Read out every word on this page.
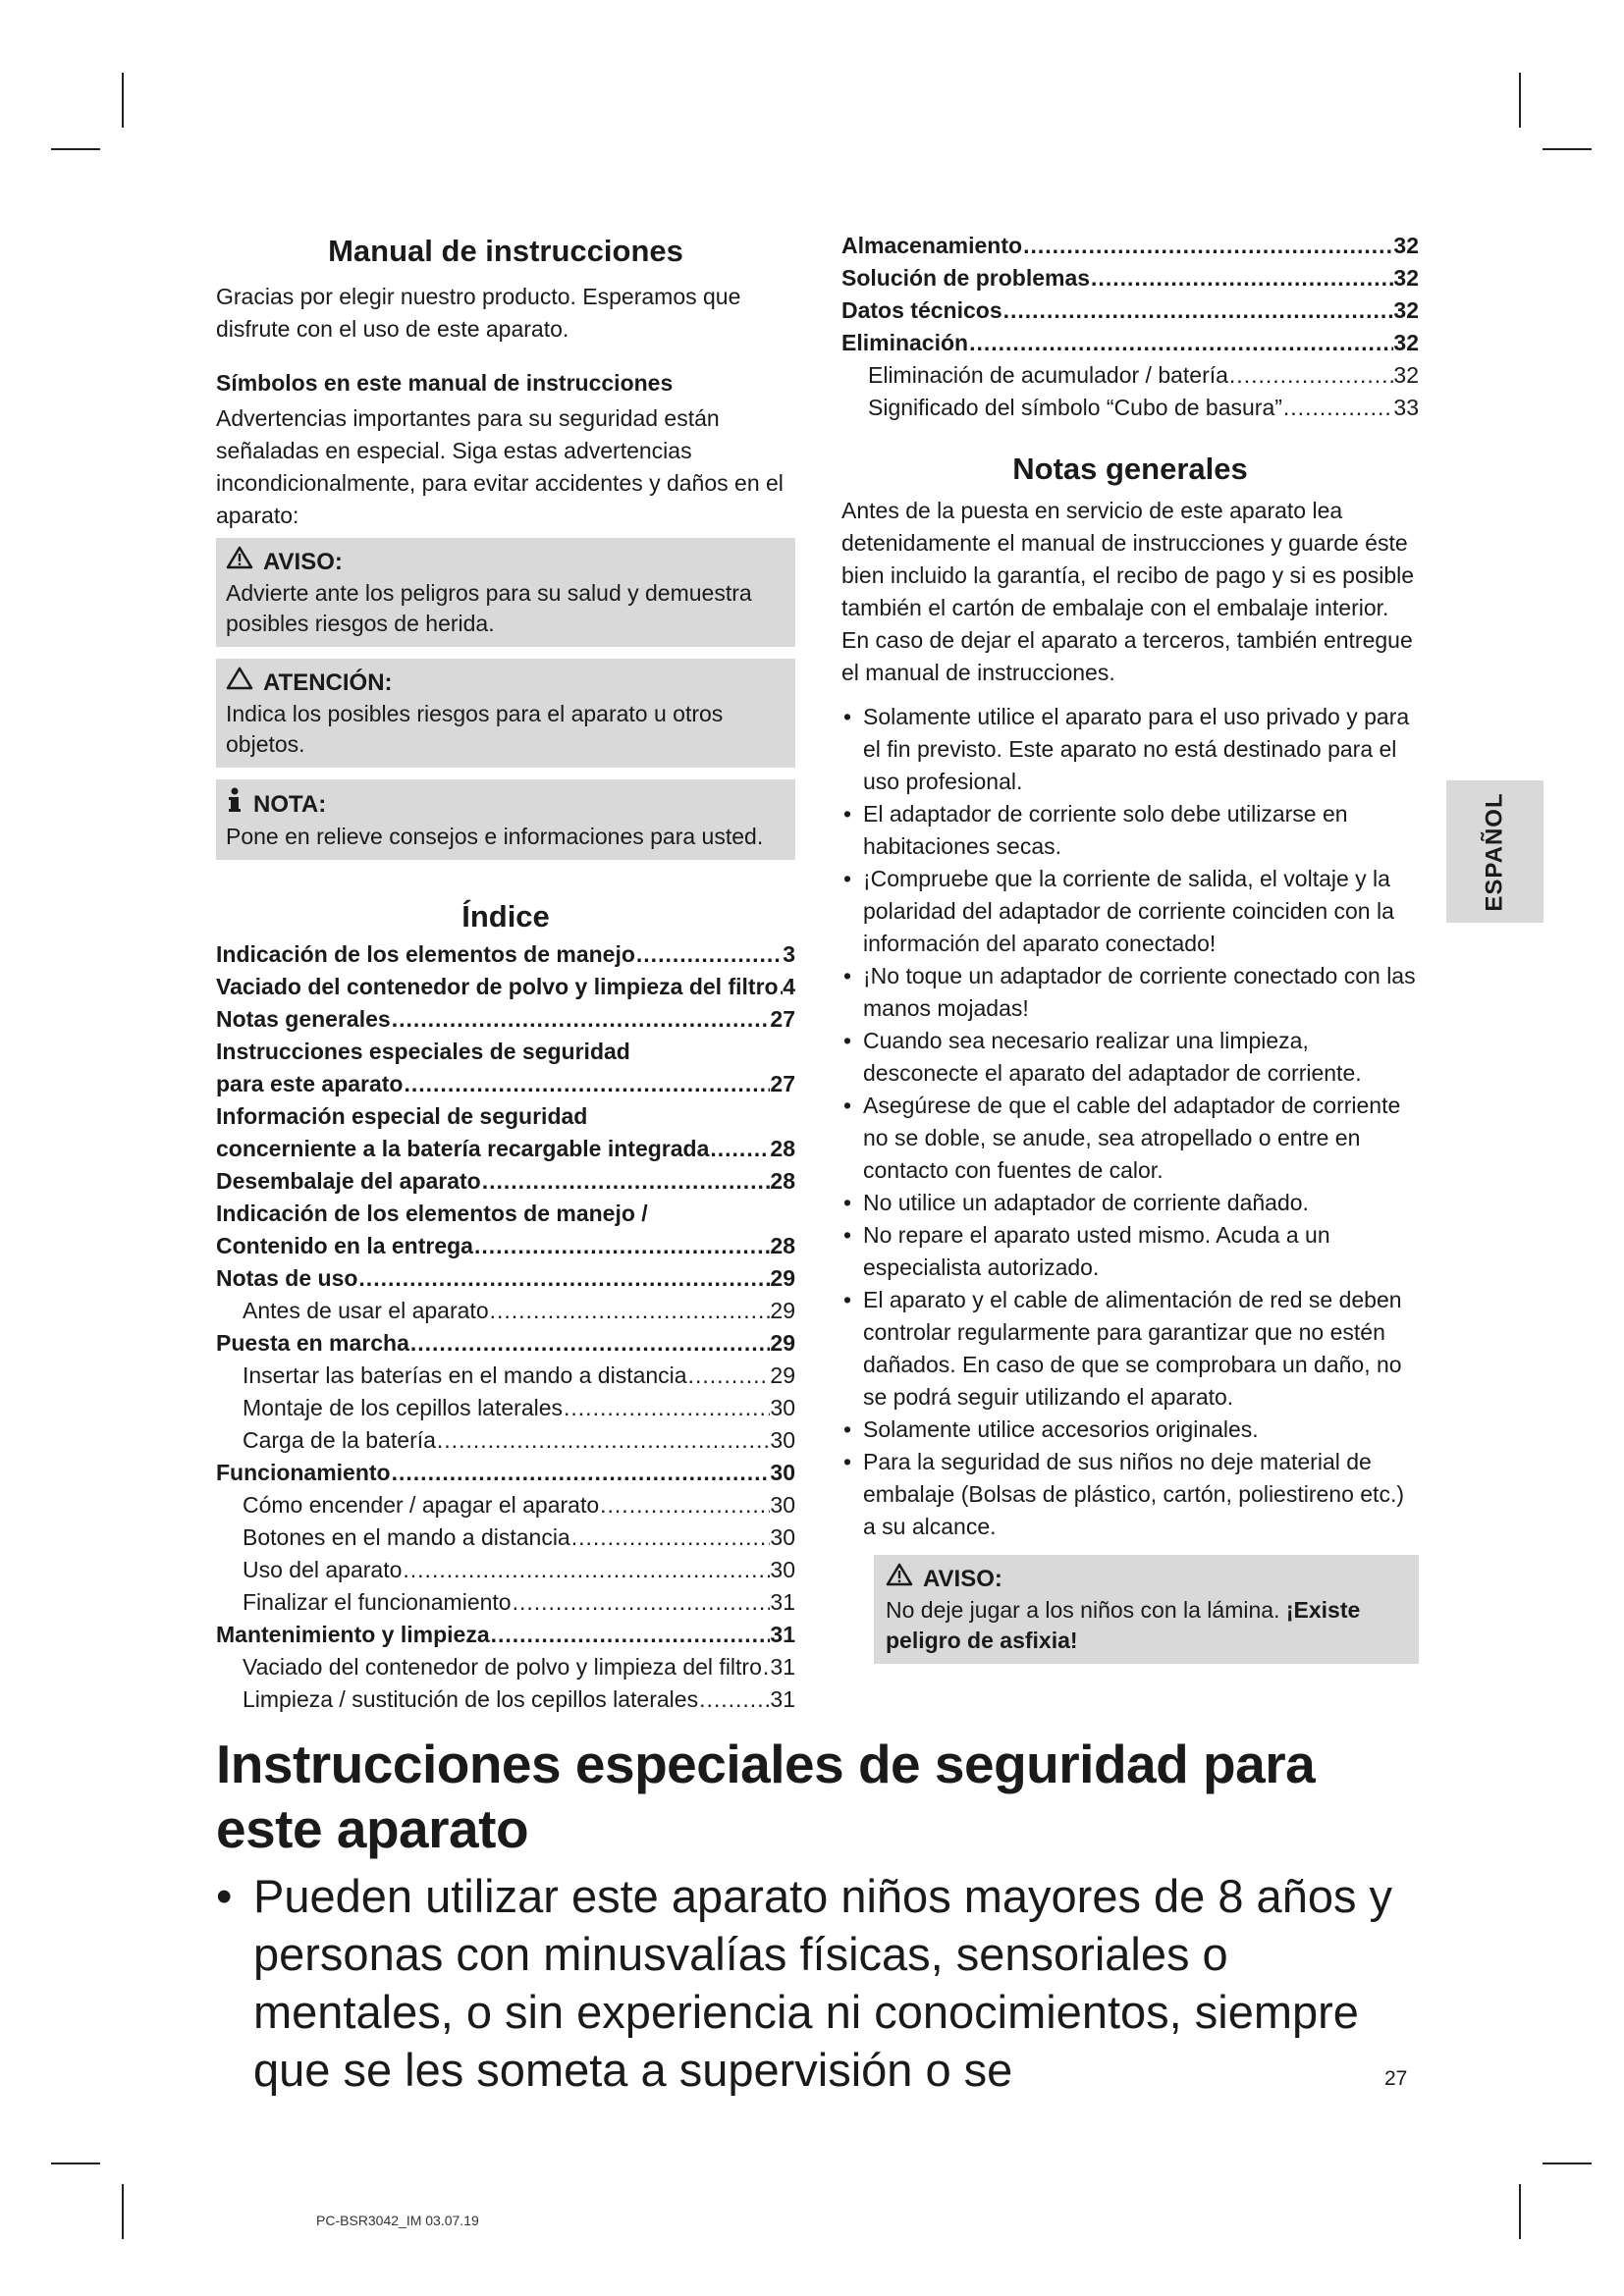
Manual de instrucciones

Gracias por elegir nuestro producto. Esperamos que disfrute con el uso de este aparato.

Símbolos en este manual de instrucciones

Advertencias importantes para su seguridad están señaladas en especial. Siga estas advertencias incondicionalmente, para evitar accidentes y daños en el aparato:

AVISO:
Advierte ante los peligros para su salud y demuestra posibles riesgos de herida.
ATENCIÓN:
Indica los posibles riesgos para el aparato u otros objetos.
NOTA:
Pone en relieve consejos e informaciones para usted.
Índice
Indicación de los elementos de manejo .....	3
Vaciado del contenedor de polvo y limpieza del filtro ..... 4
Notas generales .....	27
Instrucciones especiales de seguridad
para este aparato .....	27
Información especial de seguridad
concerniente a la batería recargable integrada .....	28
Desembalaje del aparato .....	28
Indicación de los elementos de manejo /
Contenido en la entrega .....	28
Notas de uso .....	29
Antes de usar el aparato .....	29
Puesta en marcha .....	29
Insertar las baterías en el mando a distancia .....	29
Montaje de los cepillos laterales .....	30
Carga de la batería .....	30
Funcionamiento .....	30
Cómo encender / apagar el aparato .....	30
Botones en el mando a distancia .....	30
Uso del aparato .....	30
Finalizar el funcionamiento .....	31
Mantenimiento y limpieza .....	31
Vaciado del contenedor de polvo y limpieza del filtro ..... 31
Limpieza / sustitución de los cepillos laterales .....	31
Almacenamiento .....	32
Solución de problemas .....	32
Datos técnicos .....	32
Eliminación .....	32
Eliminación de acumulador / batería .....	32
Significado del símbolo “Cubo de basura” .....	33
Notas generales

Antes de la puesta en servicio de este aparato lea detenidamente el manual de instrucciones y guarde éste bien incluido la garantía, el recibo de pago y si es posible también el cartón de embalaje con el embalaje interior. En caso de dejar el aparato a terceros, también entregue el manual de instrucciones.

• Solamente utilice el aparato para el uso privado y para el fin previsto. Este aparato no está destinado para el uso profesional.
• El adaptador de corriente solo debe utilizarse en habitaciones secas.
• ¡Compruebe que la corriente de salida, el voltaje y la polaridad del adaptador de corriente coinciden con la información del aparato conectado!
• ¡No toque un adaptador de corriente conectado con las manos mojadas!
• Cuando sea necesario realizar una limpieza, desconecte el aparato del adaptador de corriente.
• Asegúrese de que el cable del adaptador de corriente no se doble, se anude, sea atropellado o entre en contacto con fuentes de calor.
• No utilice un adaptador de corriente dañado.
• No repare el aparato usted mismo. Acuda a un especialista autorizado.
• El aparato y el cable de alimentación de red se deben controlar regularmente para garantizar que no estén dañados. En caso de que se comprobara un daño, no se podrá seguir utilizando el aparato.
• Solamente utilice accesorios originales.
• Para la seguridad de sus niños no deje material de embalaje (Bolsas de plástico, cartón, poliestireno etc.) a su alcance.
AVISO:
No deje jugar a los niños con la lámina. ¡Existe peligro de asfixia!
Instrucciones especiales de seguridad para este aparato
• Pueden utilizar este aparato niños mayores de 8 años y personas con minusvalías físicas, sensoriales o mentales, o sin experiencia ni conocimientos, siempre que se les someta a supervisión o se
ESPAÑOL
27
PC-BSR3042_IM 03.07.19
